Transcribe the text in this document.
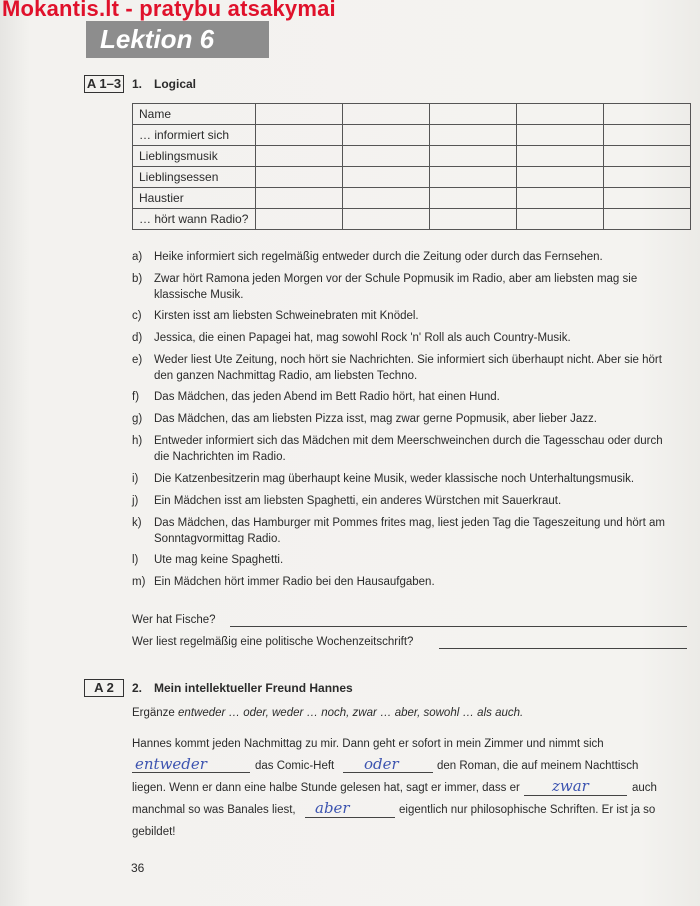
Mokantis.lt - pratybu atsakymai
Lektion 6
A 1–3 1. Logical
Name					
… informiert sich					
Lieblingsmusik					
Lieblingsessen					
Haustier					
… hört wann Radio?					
a) Heike informiert sich regelmäßig entweder durch die Zeitung oder durch das Fernsehen.
b) Zwar hört Ramona jeden Morgen vor der Schule Popmusik im Radio, aber am liebsten mag sie klassische Musik.
c) Kirsten isst am liebsten Schweinebraten mit Knödel.
d) Jessica, die einen Papagei hat, mag sowohl Rock 'n' Roll als auch Country-Musik.
e) Weder liest Ute Zeitung, noch hört sie Nachrichten. Sie informiert sich überhaupt nicht. Aber sie hört den ganzen Nachmittag Radio, am liebsten Techno.
f) Das Mädchen, das jeden Abend im Bett Radio hört, hat einen Hund.
g) Das Mädchen, das am liebsten Pizza isst, mag zwar gerne Popmusik, aber lieber Jazz.
h) Entweder informiert sich das Mädchen mit dem Meerschweinchen durch die Tagesschau oder durch die Nachrichten im Radio.
i) Die Katzenbesitzerin mag überhaupt keine Musik, weder klassische noch Unterhaltungsmusik.
j) Ein Mädchen isst am liebsten Spaghetti, ein anderes Würstchen mit Sauerkraut.
k) Das Mädchen, das Hamburger mit Pommes frites mag, liest jeden Tag die Tageszeitung und hört am Sonntagvormittag Radio.
l) Ute mag keine Spaghetti.
m) Ein Mädchen hört immer Radio bei den Hausaufgaben.
Wer hat Fische?
Wer liest regelmäßig eine politische Wochenzeitschrift?
A 2	2. Mein intellektueller Freund Hannes
Ergänze entweder … oder, weder … noch, zwar … aber, sowohl … als auch.
Hannes kommt jeden Nachmittag zu mir. Dann geht er sofort in mein Zimmer und nimmt sich
entweder	das Comic-Heft oder	den Roman, die auf meinem Nachttisch
liegen. Wenn er dann eine halbe Stunde gelesen hat, sagt er immer, dass er zwar	auch
manchmal so was Banales liest, aber	eigentlich nur philosophische Schriften. Er ist ja so
gebildet!
36
